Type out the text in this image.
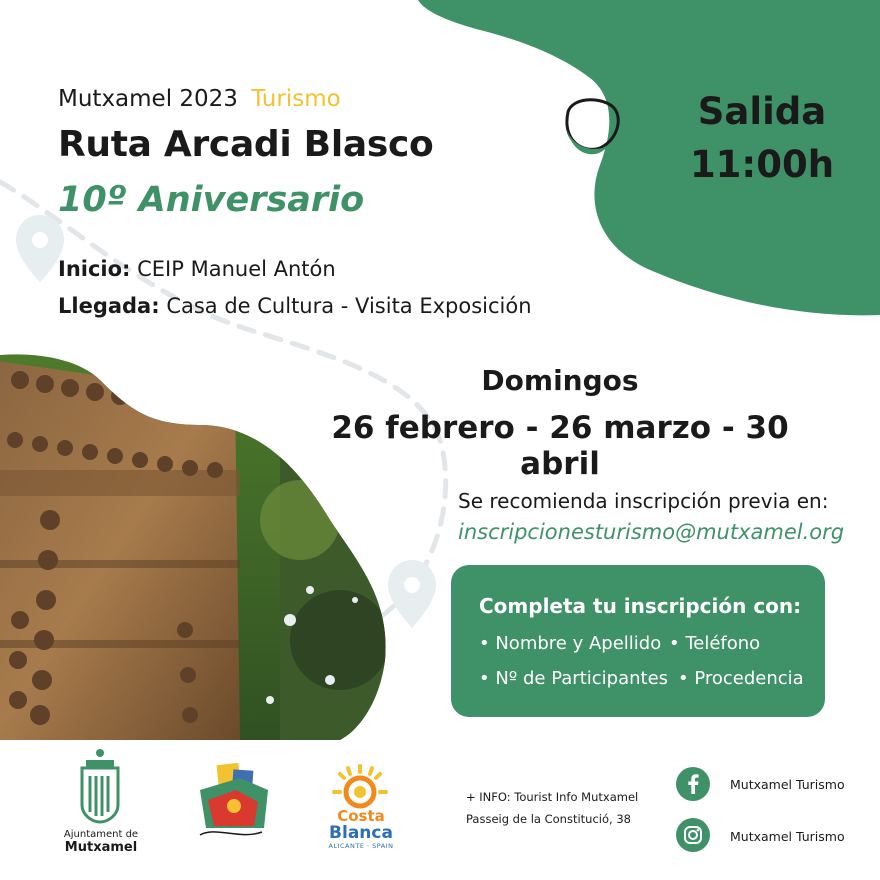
Mutxamel 2023 Turismo
Ruta Arcadi Blasco
10º Aniversario
Inicio: CEIP Manuel Antón
Llegada: Casa de Cultura - Visita Exposición
Salida
11:00h
Domingos
26 febrero - 26 marzo - 30 abril
Se recomienda inscripción previa en:
inscripcionesturismo@mutxamel.org
Completa tu inscripción con:
• Nombre y Apellido • Teléfono
• Nº de Participantes • Procedencia
Ajuntament de
Mutxamel
Costa
Blanca
ALICANTE · SPAIN
+ INFO: Tourist Info Mutxamel
Passeig de la Constitució, 38
Mutxamel Turismo
Mutxamel Turismo
